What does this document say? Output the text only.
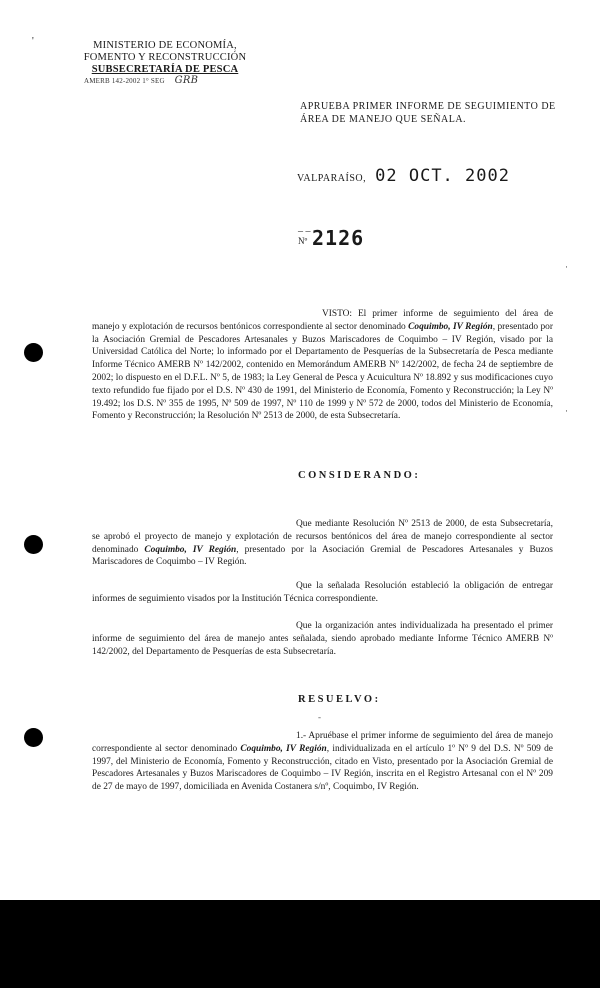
'	MINISTERIO DE ECONOMÍA,
FOMENTO Y RECONSTRUCCIÓN
SUBSECRETARÍA DE PESCA
AMERB 142-2002 1° SEG GRB
APRUEBA PRIMER INFORME DE SEGUIMIENTO DE ÁREA DE MANEJO QUE SEÑALA.
VALPARAÍSO, 02 OCT. 2002
_ _
Nº 2126
·
·

VISTO: El primer informe de seguimiento del área de manejo y explotación de recursos bentónicos correspondiente al sector denominado Coquimbo, IV Región, presentado por la Asociación Gremial de Pescadores Artesanales y Buzos Mariscadores de Coquimbo – IV Región, visado por la Universidad Católica del Norte; lo informado por el Departamento de Pesquerías de la Subsecretaría de Pesca mediante Informe Técnico AMERB Nº 142/2002, contenido en Memorándum AMERB Nº 142/2002, de fecha 24 de septiembre de 2002; lo dispuesto en el D.F.L. Nº 5, de 1983; la Ley General de Pesca y Acuicultura Nº 18.892 y sus modificaciones cuyo texto refundido fue fijado por el D.S. Nº 430 de 1991, del Ministerio de Economía, Fomento y Reconstrucción; la Ley Nº 19.492; los D.S. Nº 355 de 1995, Nº 509 de 1997, Nº 110 de 1999 y Nº 572 de 2000, todos del Ministerio de Economía, Fomento y Reconstrucción; la Resolución Nº 2513 de 2000, de esta Subsecretaría.

CONSIDERANDO:

Que mediante Resolución Nº 2513 de 2000, de esta Subsecretaría, se aprobó el proyecto de manejo y explotación de recursos bentónicos del área de manejo correspondiente al sector denominado Coquimbo, IV Región, presentado por la Asociación Gremial de Pescadores Artesanales y Buzos Mariscadores de Coquimbo – IV Región.

Que la señalada Resolución estableció la obligación de entregar informes de seguimiento visados por la Institución Técnica correspondiente.

Que la organización antes individualizada ha presentado el primer informe de seguimiento del área de manejo antes señalada, siendo aprobado mediante Informe Técnico AMERB Nº 142/2002, del Departamento de Pesquerías de esta Subsecretaría.

RESUELVO:
-

1.- Apruébase el primer informe de seguimiento del área de manejo correspondiente al sector denominado Coquimbo, IV Región, individualizada en el artículo 1º Nº 9 del D.S. Nº 509 de 1997, del Ministerio de Economía, Fomento y Reconstrucción, citado en Visto, presentado por la Asociación Gremial de Pescadores Artesanales y Buzos Mariscadores de Coquimbo – IV Región, inscrita en el Registro Artesanal con el Nº 209 de 27 de mayo de 1997, domiciliada en Avenida Costanera s/nº, Coquimbo, IV Región.
